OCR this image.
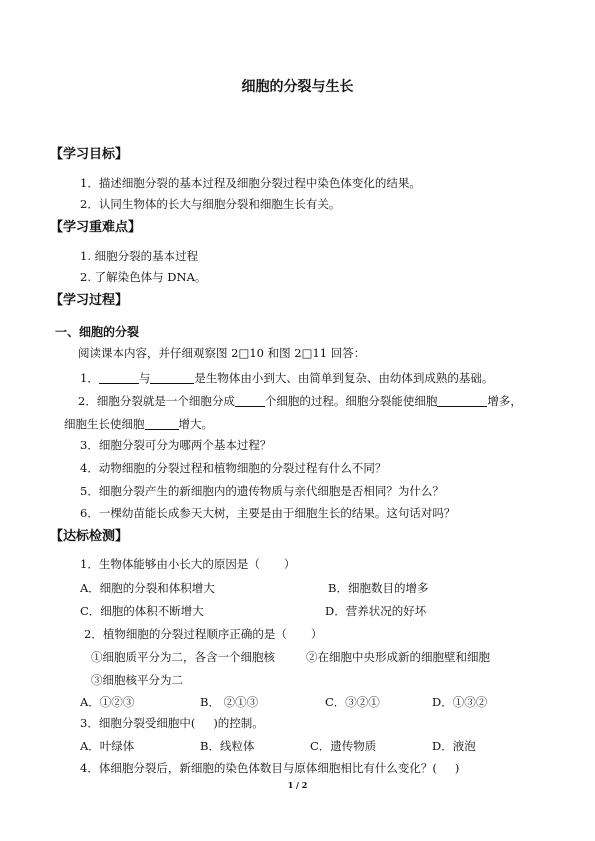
细胞的分裂与生长
【学习目标】
1．描述细胞分裂的基本过程及细胞分裂过程中染色体变化的结果。
2．认同生物体的长大与细胞分裂和细胞生长有关。
【学习重难点】
1. 细胞分裂的基本过程
2. 了解染色体与 DNA。
【学习过程】
一、细胞的分裂
阅读课本内容，并仔细观察图 2□10 和图 2□11 回答：
1．	与	是生物体由小到大、由简单到复杂、由幼体到成熟的基础。
2．细胞分裂就是一个细胞分成	个细胞的过程。细胞分裂能使细胞	增多，
细胞生长使细胞	增大。
3．细胞分裂可分为哪两个基本过程？
4．动物细胞的分裂过程和植物细胞的分裂过程有什么不同？
5．细胞分裂产生的新细胞内的遗传物质与亲代细胞是否相同？为什么？
6．一棵幼苗能长成参天大树，主要是由于细胞生长的结果。这句话对吗？
【达标检测】
1．生物体能够由小长大的原因是（ ）
A．细胞的分裂和体积增大	B．细胞数目的增多
C．细胞的体积不断增大	D．营养状况的好坏
2．植物细胞的分裂过程顺序正确的是（ ）
①细胞质平分为二，各含一个细胞核	②在细胞中央形成新的细胞壁和细胞
③细胞核平分为二
A．①②③	B． ②①③	C．③②①	D．①③②
3．细胞分裂受细胞中( )的控制。
A．叶绿体	B．线粒体	C．遗传物质	D．液泡
4．体细胞分裂后，新细胞的染色体数目与原体细胞相比有什么变化？( )
1 / 2
